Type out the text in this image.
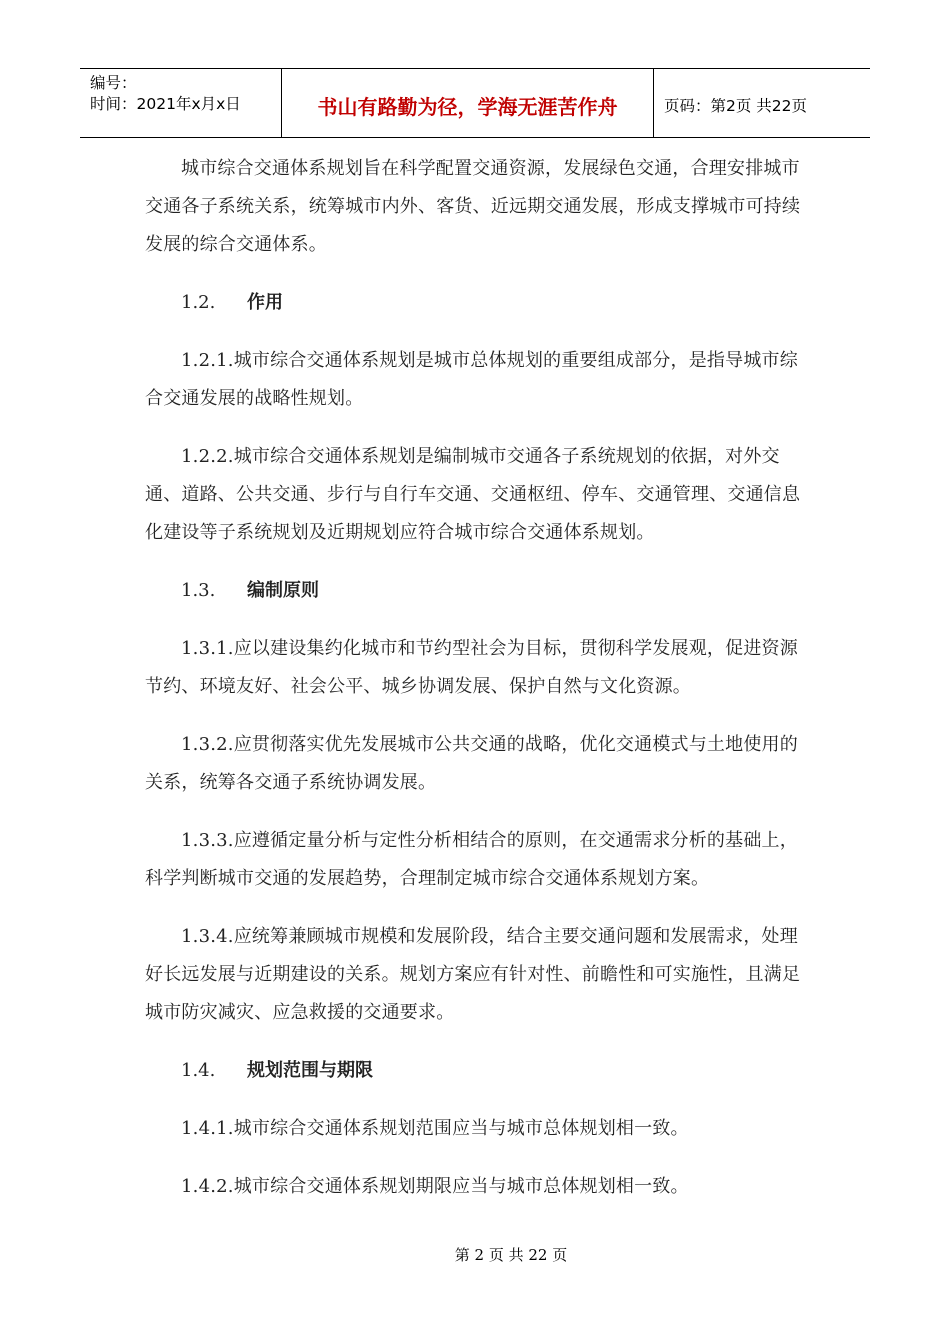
编号：
时间：2021年x月x日	书山有路勤为径，学海无涯苦作舟	页码：第2页 共22页

城市综合交通体系规划旨在科学配置交通资源，发展绿色交通，合理安排城市交通各子系统关系，统筹城市内外、客货、近远期交通发展，形成支撑城市可持续发展的综合交通体系。

1.2. 作用

1.2.1.城市综合交通体系规划是城市总体规划的重要组成部分，是指导城市综合交通发展的战略性规划。

1.2.2.城市综合交通体系规划是编制城市交通各子系统规划的依据，对外交通、道路、公共交通、步行与自行车交通、交通枢纽、停车、交通管理、交通信息化建设等子系统规划及近期规划应符合城市综合交通体系规划。

1.3. 编制原则

1.3.1.应以建设集约化城市和节约型社会为目标，贯彻科学发展观，促进资源节约、环境友好、社会公平、城乡协调发展、保护自然与文化资源。

1.3.2.应贯彻落实优先发展城市公共交通的战略，优化交通模式与土地使用的关系，统筹各交通子系统协调发展。

1.3.3.应遵循定量分析与定性分析相结合的原则，在交通需求分析的基础上，科学判断城市交通的发展趋势，合理制定城市综合交通体系规划方案。

1.3.4.应统筹兼顾城市规模和发展阶段，结合主要交通问题和发展需求，处理好长远发展与近期建设的关系。规划方案应有针对性、前瞻性和可实施性，且满足城市防灾减灾、应急救援的交通要求。

1.4. 规划范围与期限

1.4.1.城市综合交通体系规划范围应当与城市总体规划相一致。

1.4.2.城市综合交通体系规划期限应当与城市总体规划相一致。

第 2 页 共 22 页
